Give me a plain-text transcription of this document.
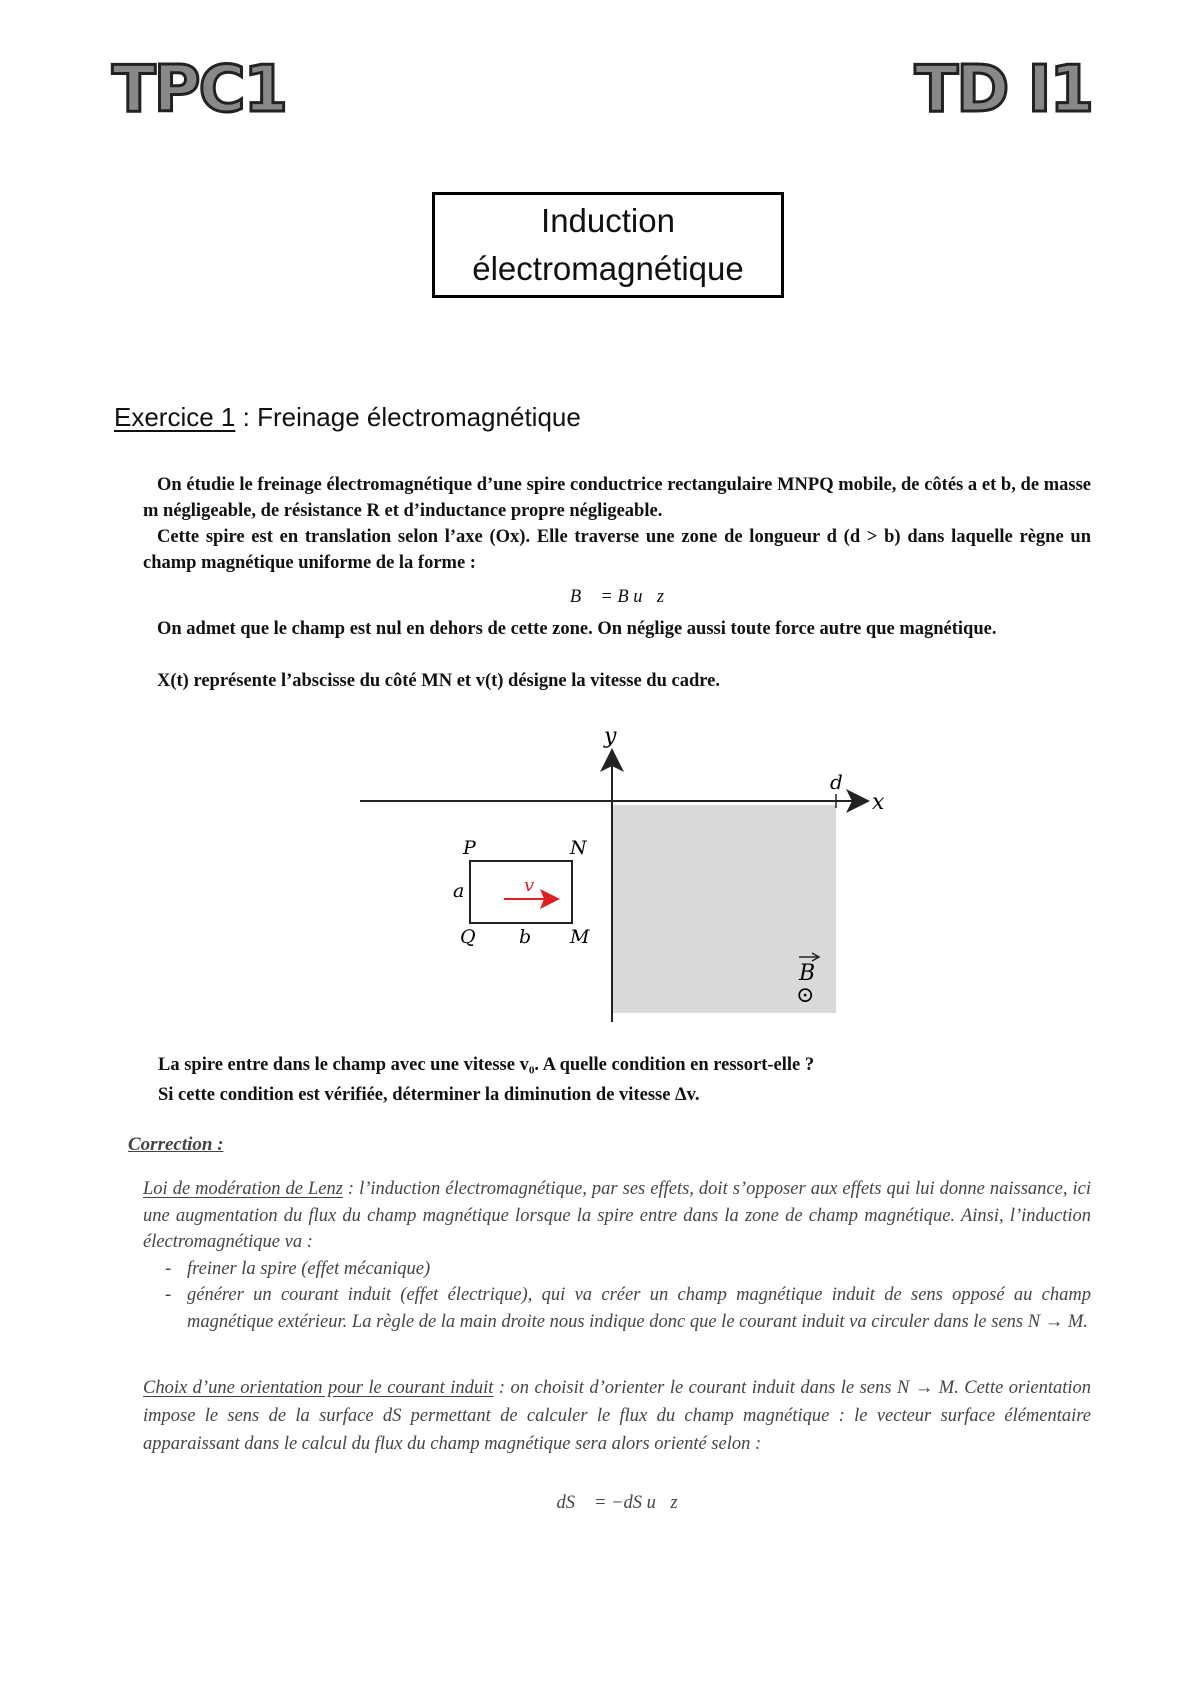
TPC1	TD I1
Induction
électromagnétique
Exercice 1 : Freinage électromagnétique

On étudie le freinage électromagnétique d’une spire conductrice rectangulaire MNPQ mobile, de côtés a et b, de masse m négligeable, de résistance R et d’inductance propre négligeable.

Cette spire est en translation selon l’axe (Ox). Elle traverse une zone de longueur d (d > b) dans laquelle règne un champ magnétique uniforme de la forme :

B⃗ = B u⃗z

On admet que le champ est nul en dehors de cette zone. On néglige aussi toute force autre que magnétique.

X(t) représente l’abscisse du côté MN et v(t) désigne la vitesse du cadre.

y
x
d
P	N
Q	M
a
b
v
B
⊙

La spire entre dans le champ avec une vitesse v₀. A quelle condition en ressort-elle ?

Si cette condition est vérifiée, déterminer la diminution de vitesse Δv.

Correction :

Loi de modération de Lenz : l’induction électromagnétique, par ses effets, doit s’opposer aux effets qui lui donne naissance, ici une augmentation du flux du champ magnétique lorsque la spire entre dans la zone de champ magnétique. Ainsi, l’induction électromagnétique va :

- freiner la spire (effet mécanique)
- générer un courant induit (effet électrique), qui va créer un champ magnétique induit de sens opposé au champ magnétique extérieur. La règle de la main droite nous indique donc que le courant induit va circuler dans le sens N → M.

Choix d’une orientation pour le courant induit : on choisit d’orienter le courant induit dans le sens N → M. Cette orientation impose le sens de la surface dS permettant de calculer le flux du champ magnétique : le vecteur surface élémentaire apparaissant dans le calcul du flux du champ magnétique sera alors orienté selon :

dS⃗ = −dS u⃗z
